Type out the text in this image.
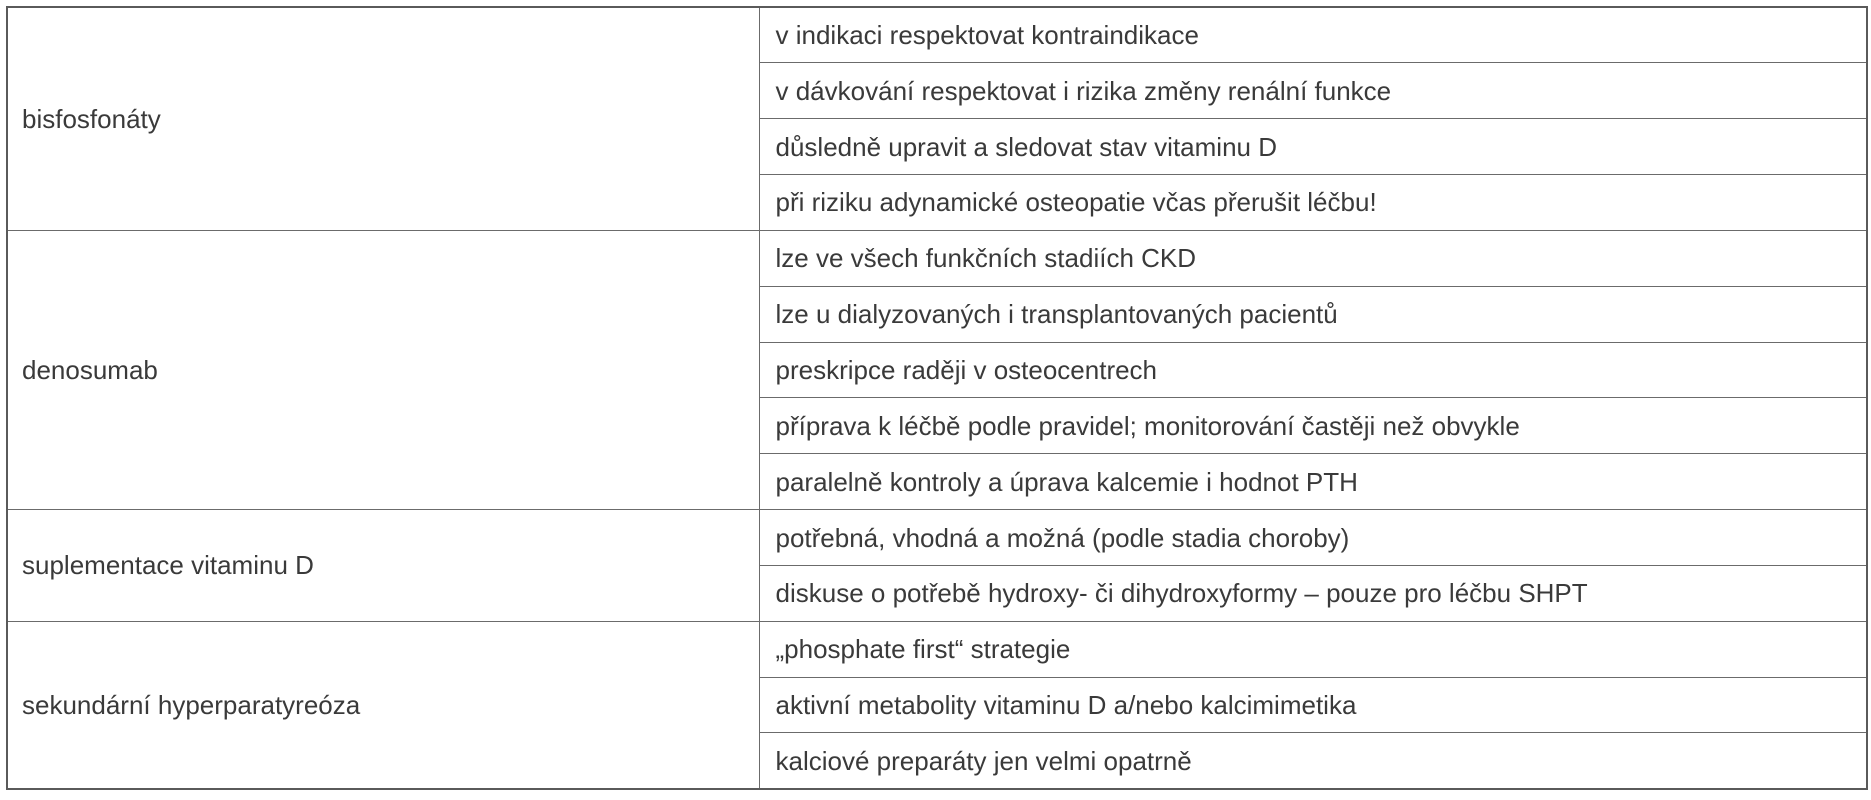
bisfosfonáty	v indikaci respektovat kontraindikace
	v dávkování respektovat i rizika změny renální funkce
	důsledně upravit a sledovat stav vitaminu D
	při riziku adynamické osteopatie včas přerušit léčbu!
denosumab	lze ve všech funkčních stadiích CKD
	lze u dialyzovaných i transplantovaných pacientů
	preskripce raději v osteocentrech
	příprava k léčbě podle pravidel; monitorování častěji než obvykle
	paralelně kontroly a úprava kalcemie i hodnot PTH
suplementace vitaminu D	potřebná, vhodná a možná (podle stadia choroby)
	diskuse o potřebě hydroxy- či dihydroxyformy – pouze pro léčbu SHPT
sekundární hyperparatyreóza	„phosphate first“ strategie
	aktivní metabolity vitaminu D a/nebo kalcimimetika
	kalciové preparáty jen velmi opatrně
